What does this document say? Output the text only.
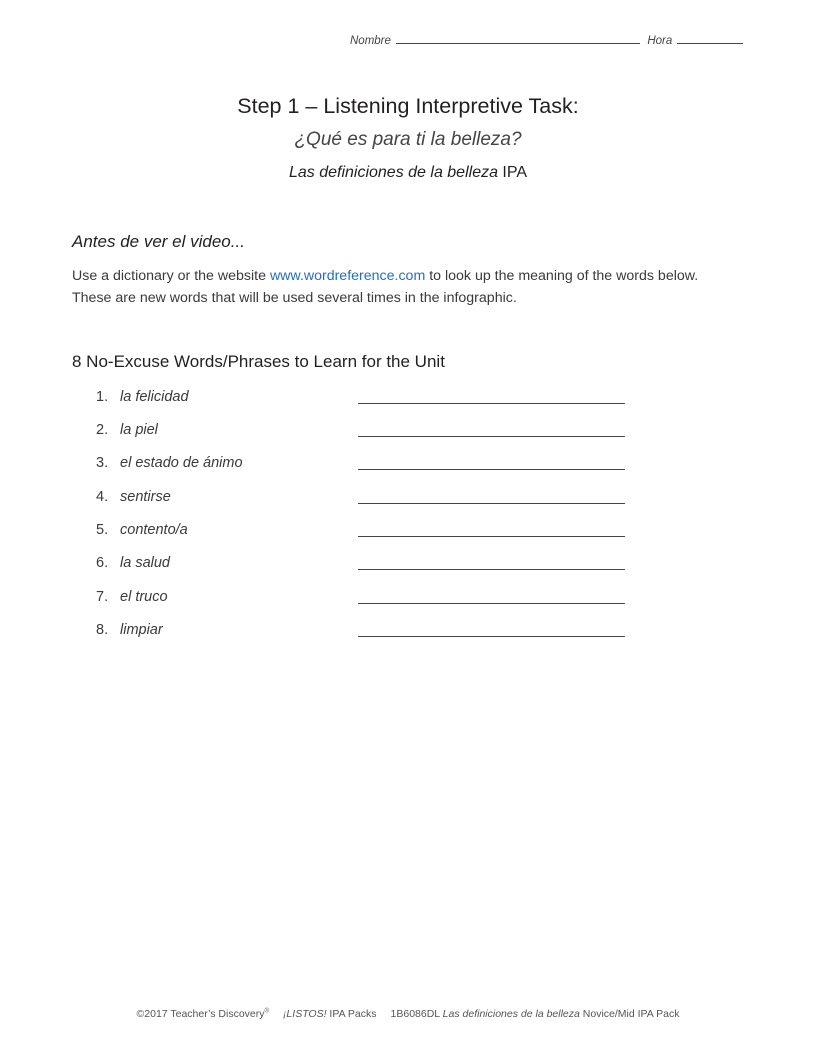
Nombre	Hora
Step 1 – Listening Interpretive Task:
¿Qué es para ti la belleza?
Las definiciones de la belleza IPA
Antes de ver el video...
Use a dictionary or the website www.wordreference.com to look up the meaning of the words below. These are new words that will be used several times in the infographic.
8 No-Excuse Words/Phrases to Learn for the Unit
1. la felicidad
2. la piel
3. el estado de ánimo
4. sentirse
5. contento/a
6. la salud
7. el truco
8. limpiar
©2017 Teacher’s Discovery® ¡LISTOS! IPA Packs 1B6086DL Las definiciones de la belleza Novice/Mid IPA Pack
